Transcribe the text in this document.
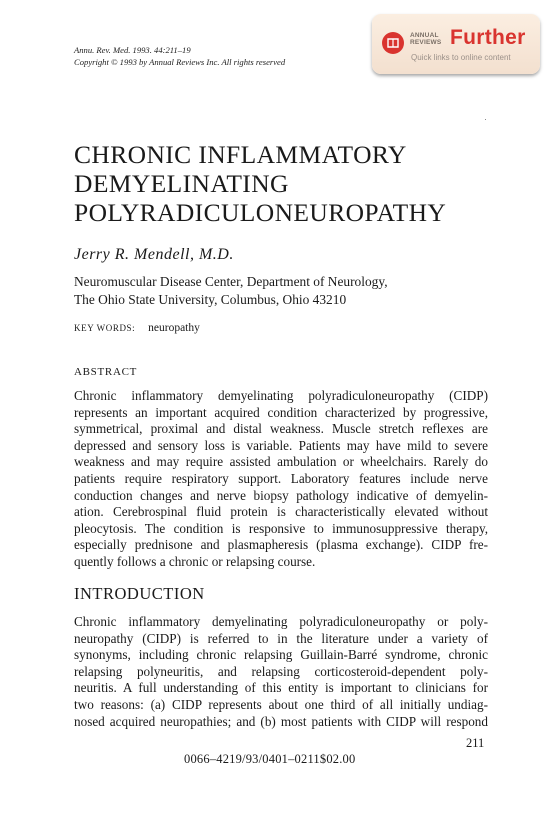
Annu. Rev. Med. 1993. 44:211–19
Copyright © 1993 by Annual Reviews Inc. All rights reserved
ANNUAL
REVIEWS Further
Quick links to online content
CHRONIC INFLAMMATORY
DEMYELINATING
POLYRADICULONEUROPATHY
Jerry R. Mendell, M.D.
Neuromuscular Disease Center, Department of Neurology,
The Ohio State University, Columbus, Ohio 43210
KEY WORDS: neuropathy
ABSTRACT
Chronic inflammatory demyelinating polyradiculoneuropathy (CIDP)
represents an important acquired condition characterized by progressive,
symmetrical, proximal and distal weakness. Muscle stretch reflexes are
depressed and sensory loss is variable. Patients may have mild to severe
weakness and may require assisted ambulation or wheelchairs. Rarely do
patients require respiratory support. Laboratory features include nerve
conduction changes and nerve biopsy pathology indicative of demyelin-
ation. Cerebrospinal fluid protein is characteristically elevated without
pleocytosis. The condition is responsive to immunosuppressive therapy,
especially prednisone and plasmapheresis (plasma exchange). CIDP fre-
quently follows a chronic or relapsing course.
INTRODUCTION
Chronic inflammatory demyelinating polyradiculoneuropathy or poly-
neuropathy (CIDP) is referred to in the literature under a variety of
synonyms, including chronic relapsing Guillain-Barré syndrome, chronic
relapsing polyneuritis, and relapsing corticosteroid-dependent poly-
neuritis. A full understanding of this entity is important to clinicians for
two reasons: (a) CIDP represents about one third of all initially undiag-
nosed acquired neuropathies; and (b) most patients with CIDP will respond
211
0066–4219/93/0401–0211$02.00
